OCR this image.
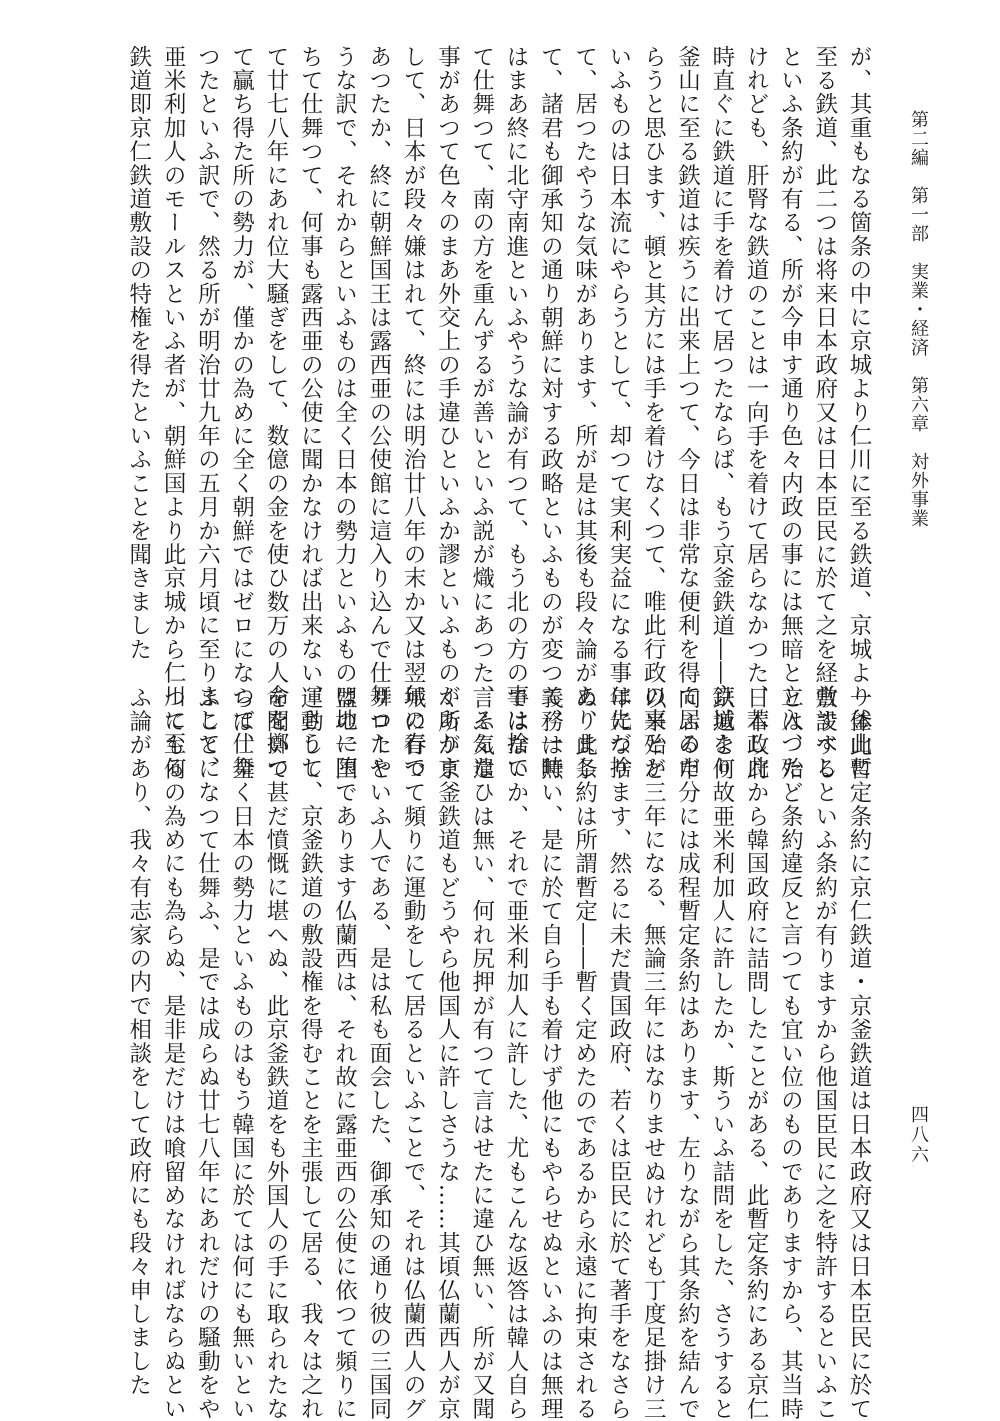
第二編　第一部　実業・経済　第六章　対外事業
四八六
が、其重もなる箇条の中に京城より仁川に至る鉄道、京城より釜山に
至る鉄道、此二つは将来日本政府又は日本臣民に於て之を経営すべし
といふ条約が有る、所が今申す通り色々内政の事には無暗と立入つた
けれども、肝腎な鉄道のことは一向手を着けて居らなかつた、若し此
時直ぐに鉄道に手を着けて居つたならば、もう京釜鉄道――京城より
釜山に至る鉄道は疾うに出来上つて、今日は非常な便利を得て居るだ
らうと思ひます、頓と其方には手を着けなくつて、唯此行政の事とか
いふものは日本流にやらうとして、却つて実利実益になる事は先づ捨
て、居つたやうな気味があります、所が是は其後も段々論がありまし
て、諸君も御承知の通り朝鮮に対する政略といふものが変つて、一時
はまあ終に北守南進といふやうな論が有つて、もう北の方の事は捨て
て仕舞つて、南の方を重んずるが善いといふ説が熾にあつた、そんな
事があつて色々のまあ外交上の手違ひといふか謬といふものがありま
して、日本が段々嫌はれて、終には明治廿八年の末か又は翌年の春で
あつたか、終に朝鮮国王は露西亜の公使館に這入り込んで仕舞つたや
うな訳で、それからといふものは全く日本の勢力といふものは地に堕
ちて仕舞つて、何事も露西亜の公使に聞かなければ出来ない、さうし
て廿七八年にあれ位大騒ぎをして、数億の金を使ひ数万の人命を擲つ
て贏ち得た所の勢力が、僅かの為めに全く朝鮮ではゼロになつて仕舞
つたといふ訳で、然る所が明治廿九年の五月か六月頃に至りまして、
亜米利加人のモールスといふ者が、朝鮮国より此京城から仁川に至る
鉄道即京仁鉄道敷設の特権を得たといふことを聞きました
一体此暫定条約に京仁鉄道・京釜鉄道は日本政府又は日本臣民に於て
敷設するといふ条約が有りますから他国臣民に之を特許するといふこ
とは、殆ど条約違反と言つても宜い位のものでありますから、其当時
日本政府から韓国政府に詰問したことがある、此暫定条約にある京仁
鉄道を何故亜米利加人に許したか、斯ういふ詰問をした、さうすると
向ふの申分には成程暫定条約はあります、左りながら其条約を結んで
以来殆ど三年になる、無論三年にはなりませぬけれども丁度足掛け三
年になります、然るに未だ貴国政府、若くは臣民に於て著手をなさら
ぬ、此条約は所謂暫定――暫く定めたのであるから永遠に拘束される
義務は無い、是に於て自ら手も着けず他にもやらせぬといふのは無理
ではないか、それで亜米利加人に許した、尤もこんな返答は韓人自ら
言ふ気遣ひは無い、何れ尻押が有つて言はせたに違ひ無い、所が又聞
く所が京釜鉄道もどうやら他国人に許しさうな……其頃仏蘭西人が京
城に行つて頻りに運動をして居るといふことで、それは仏蘭西人のグ
リローといふ人である、是は私も面会した、御承知の通り彼の三国同
盟の一国であります仏蘭西は、それ故に露亜西の公使に依つて頻りに
運動して、京釜鉄道の敷設権を得むことを主張して居る、我々は之れ
を聞いて甚だ憤慨に堪へぬ、此京釜鉄道をも外国人の手に取られたな
らば、全く日本の勢力といふものはもう韓国に於ては何にも無いとい
ふことになつて仕舞ふ、是では成らぬ廿七八年にあれだけの騒動をや
つても何の為めにも為らぬ、是非是だけは喰留めなければならぬとい
ふ論があり、我々有志家の内で相談をして政府にも段々申しました
